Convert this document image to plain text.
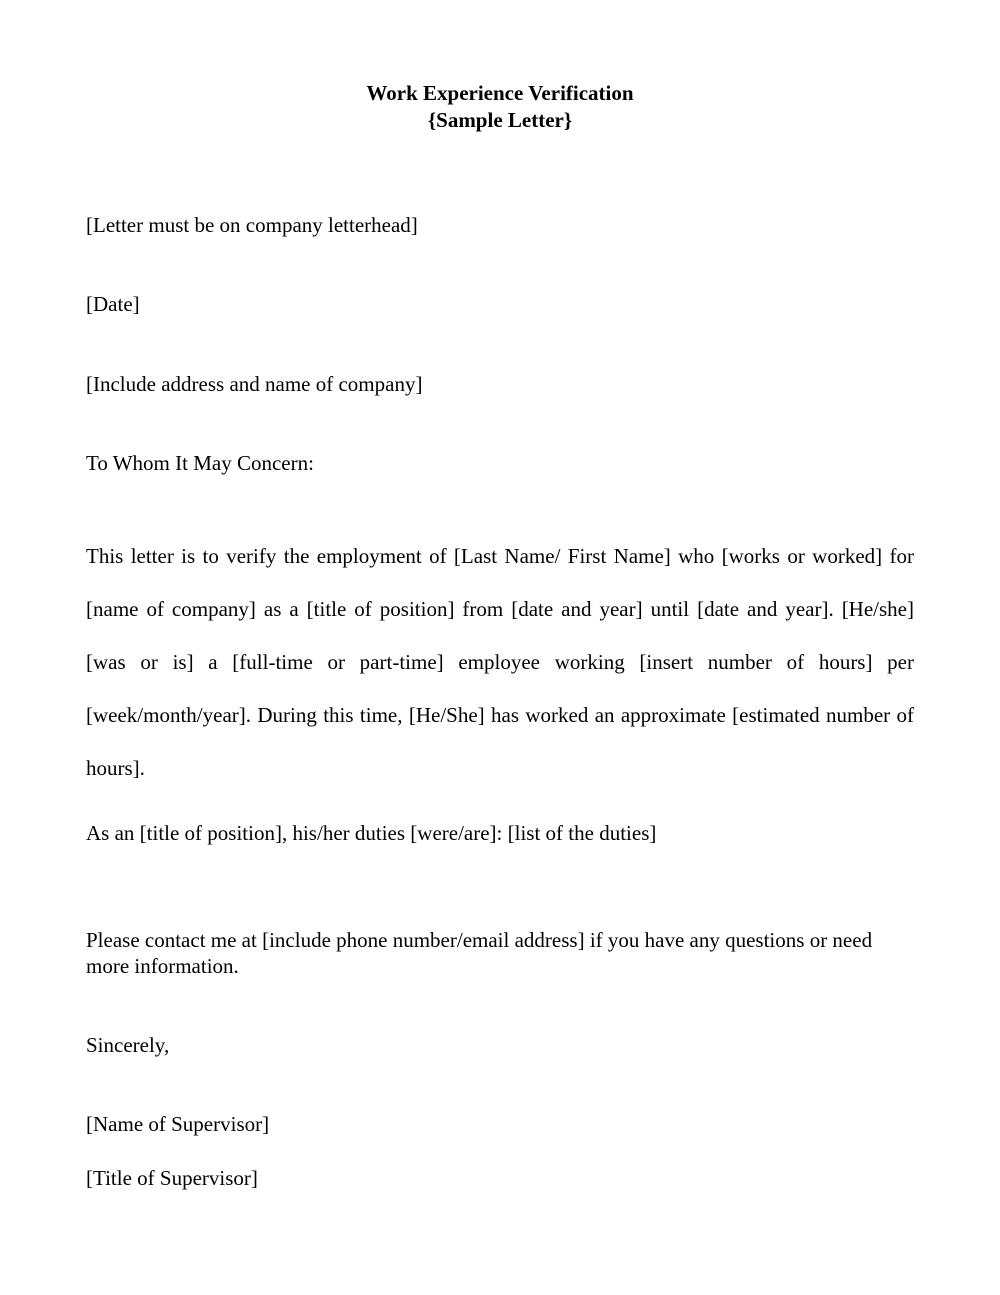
Work Experience Verification
{Sample Letter}

[Letter must be on company letterhead]

[Date]

[Include address and name of company]

To Whom It May Concern:

This letter is to verify the employment of [Last Name/ First Name] who [works or worked] for [name of company] as a [title of position] from [date and year] until [date and year]. [He/she] [was or is] a [full-time or part-time] employee working [insert number of hours] per [week/month/year]. During this time, [He/She] has worked an approximate [estimated number of hours].

As an [title of position], his/her duties [were/are]: [list of the duties]

Please contact me at [include phone number/email address] if you have any questions or need more information.

Sincerely,

[Name of Supervisor]

[Title of Supervisor]
